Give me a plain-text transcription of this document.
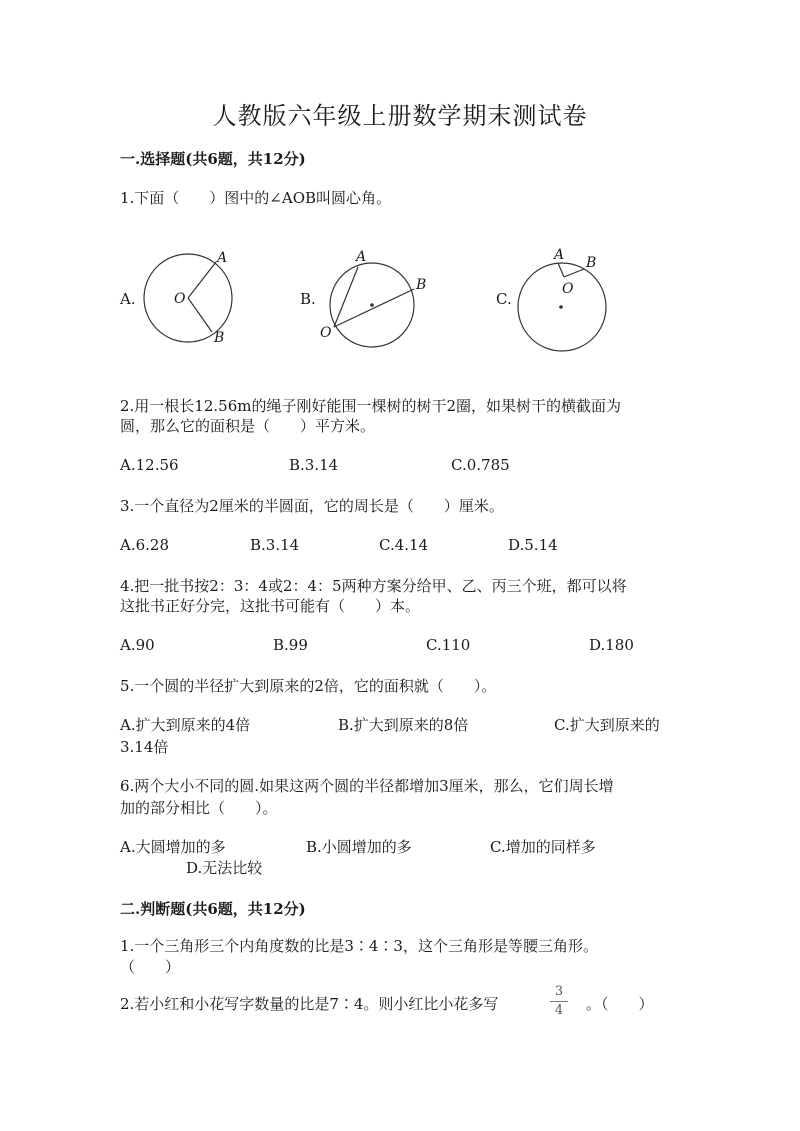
人教版六年级上册数学期末测试卷
一.选择题(共6题，共12分)
1.下面（　　）图中的∠AOB叫圆心角。
A.
A
O
B
B.
A
B
O
C.
A B
O
2.用一根长12.56m的绳子刚好能围一棵树的树干2圈，如果树干的横截面为
圆，那么它的面积是（　　）平方米。
A.12.56	B.3.14	C.0.785
3.一个直径为2厘米的半圆面，它的周长是（　　）厘米。
A.6.28	B.3.14	C.4.14	D.5.14
4.把一批书按2：3：4或2：4：5两种方案分给甲、乙、丙三个班，都可以将
这批书正好分完，这批书可能有（　　）本。
A.90	B.99	C.110	D.180
5.一个圆的半径扩大到原来的2倍，它的面积就（　　）。
A.扩大到原来的4倍	B.扩大到原来的8倍	C.扩大到原来的
3.14倍
6.两个大小不同的圆.如果这两个圆的半径都增加3厘米，那么，它们周长增
加的部分相比（　　）。
A.大圆增加的多	B.小圆增加的多	C.增加的同样多
D.无法比较
二.判断题(共6题，共12分)
1.一个三角形三个内角度数的比是3∶4∶3，这个三角形是等腰三角形。
（　　）
2.若小红和小花写字数量的比是7∶4。则小红比小花多写
3
4	。（　　）
